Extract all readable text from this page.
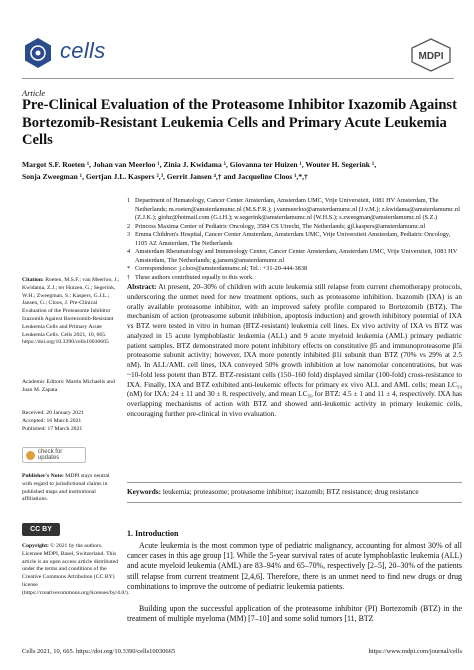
cells	MDPI
Article
Pre-Clinical Evaluation of the Proteasome Inhibitor Ixazomib Against Bortezomib-Resistant Leukemia Cells and Primary Acute Leukemia Cells
Margot S.F. Roeten ¹, Johan van Meerloo ¹, Zinia J. Kwidama ¹, Giovanna ter Huizen ¹, Wouter H. Segerink ¹,
Sonja Zweegman ¹, Gertjan J.L. Kaspers ²,³, Gerrit Jansen ⁴,† and Jacqueline Cloos ¹,*,†
1 Department of Hematology, Cancer Center Amsterdam, Amsterdam UMC, Vrije Universiteit, 1081 HV Amsterdam, The Netherlands; m.roeten@amsterdamumc.nl (M.S.F.R.); j.vanmeerloo@amsterdamumc.nl (J.v.M.); z.kwidama@amsterdamumc.nl (Z.J.K.); giohz@hotmail.com (G.t.H.); w.segerink@amsterdamumc.nl (W.H.S.); s.zweegman@amsterdamumc.nl (S.Z.)
2 Princess Maxima Center of Pediatric Oncology, 3584 CS Utrecht, The Netherlands; gjl.kaspers@amsterdamumc.nl
3 Emma Children's Hospital, Cancer Center Amsterdam, Amsterdam UMC, Vrije Universiteit Amsterdam, Pediatric Oncology, 1105 AZ Amsterdam, The Netherlands
4 Amsterdam Rheumatology and Immunology Center, Cancer Center Amsterdam, Amsterdam UMC, Vrije Universiteit, 1081 HV Amsterdam, The Netherlands; g.jansen@amsterdamumc.nl
* Correspondence: j.cloos@amsterdamumc.nl; Tel.: +31-20-444-3838
† These authors contributed equally to this work.
Citation: Roeten, M.S.F.; van Meerloo, J.; Kwidama, Z.J.; ter Huizen, G.; Segerink, W.H.; Zweegman, S.; Kaspers, G.J.L.; Jansen, G.; Cloos, J. Pre-Clinical Evaluation of the Proteasome Inhibitor Ixazomib Against Bortezomib-Resistant Leukemia Cells and Primary Acute Leukemia Cells. Cells 2021, 10, 665. https://doi.org/10.3390/cells10030665
Academic Editors: Martin Michaelis and Juan M. Zapata
Received: 20 January 2021
Accepted: 16 March 2021
Published: 17 March 2021
check for updates
Publisher's Note: MDPI stays neutral with regard to jurisdictional claims in published maps and institutional affiliations.
CC BY
Copyright: © 2021 by the authors. Licensee MDPI, Basel, Switzerland. This article is an open access article distributed under the terms and conditions of the Creative Commons Attribution (CC BY) license (https://creativecommons.org/licenses/by/4.0/).
Abstract: At present, 20–30% of children with acute leukemia still relapse from current chemotherapy protocols, underscoring the unmet need for new treatment options, such as proteasome inhibition. Ixazomib (IXA) is an orally available proteasome inhibitor, with an improved safety profile compared to Bortezomib (BTZ). The mechanism of action (proteasome subunit inhibition, apoptosis induction) and growth inhibitory potential of IXA vs BTZ were tested in vitro in human (BTZ-resistant) leukemia cell lines. Ex vivo activity of IXA vs BTZ was analyzed in 15 acute lymphoblastic leukemia (ALL) and 9 acute myeloid leukemia (AML) primary pediatric patient samples. BTZ demonstrated more potent inhibitory effects on constitutive β5 and immunoproteasome β5i proteasome subunit activity; however, IXA more potently inhibited β1i subunit than BTZ (70% vs 29% at 2.5 nM). In ALL/AML cell lines, IXA conveyed 50% growth inhibition at low nanomolar concentrations, but was ~10-fold less potent than BTZ. BTZ-resistant cells (150–160 fold) displayed similar (100-fold) cross-resistance to IXA. Finally, IXA and BTZ exhibited anti-leukemic effects for primary ex vivo ALL and AML cells; mean LC₅₀ (nM) for IXA: 24 ± 11 and 30 ± 8, respectively, and mean LC₅₀ for BTZ: 4.5 ± 1 and 11 ± 4, respectively. IXA has overlapping mechanisms of action with BTZ and showed anti-leukemic activity in primary leukemic cells, encouraging further pre-clinical in vivo evaluation.
Keywords: leukemia; proteasome; proteasome inhibitor; ixazomib; BTZ resistance; drug resistance
1. Introduction
Acute leukemia is the most common type of pediatric malignancy, accounting for almost 30% of all cancer cases in this age group [1]. While the 5-year survival rates of acute lymphoblastic leukemia (ALL) and acute myeloid leukemia (AML) are 83–94% and 65–70%, respectively [2–5], 20–30% of the patients still relapse from current treatment [2,4,6]. Therefore, there is an unmet need to find new drugs or drug combinations to improve the outcome of pediatric leukemia patients.
Building upon the successful application of the proteasome inhibitor (PI) Bortezomib (BTZ) in the treatment of multiple myeloma (MM) [7–10] and some solid tumors [11, BTZ
Cells 2021, 10, 665. https://doi.org/10.3390/cells10030665	https://www.mdpi.com/journal/cells
